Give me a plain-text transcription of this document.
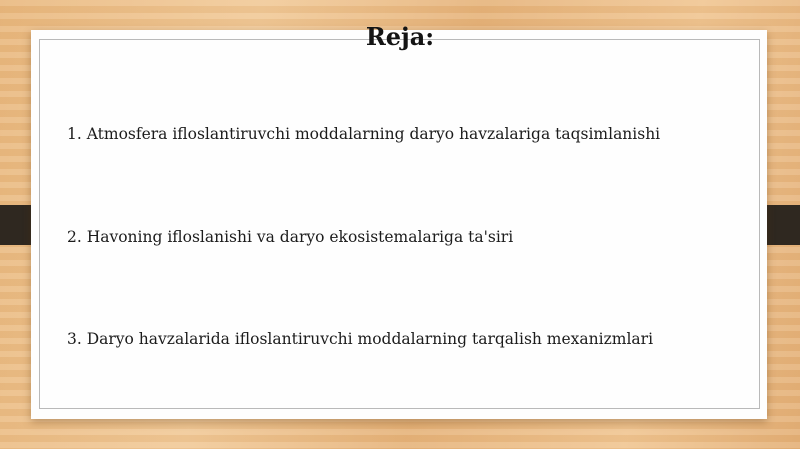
Reja:
1. Atmosfera ifloslantiruvchi moddalarning daryo havzalariga taqsimlanishi
2. Havoning ifloslanishi va daryo ekosistemalariga ta'siri
3. Daryo havzalarida ifloslantiruvchi moddalarning tarqalish mexanizmlari
